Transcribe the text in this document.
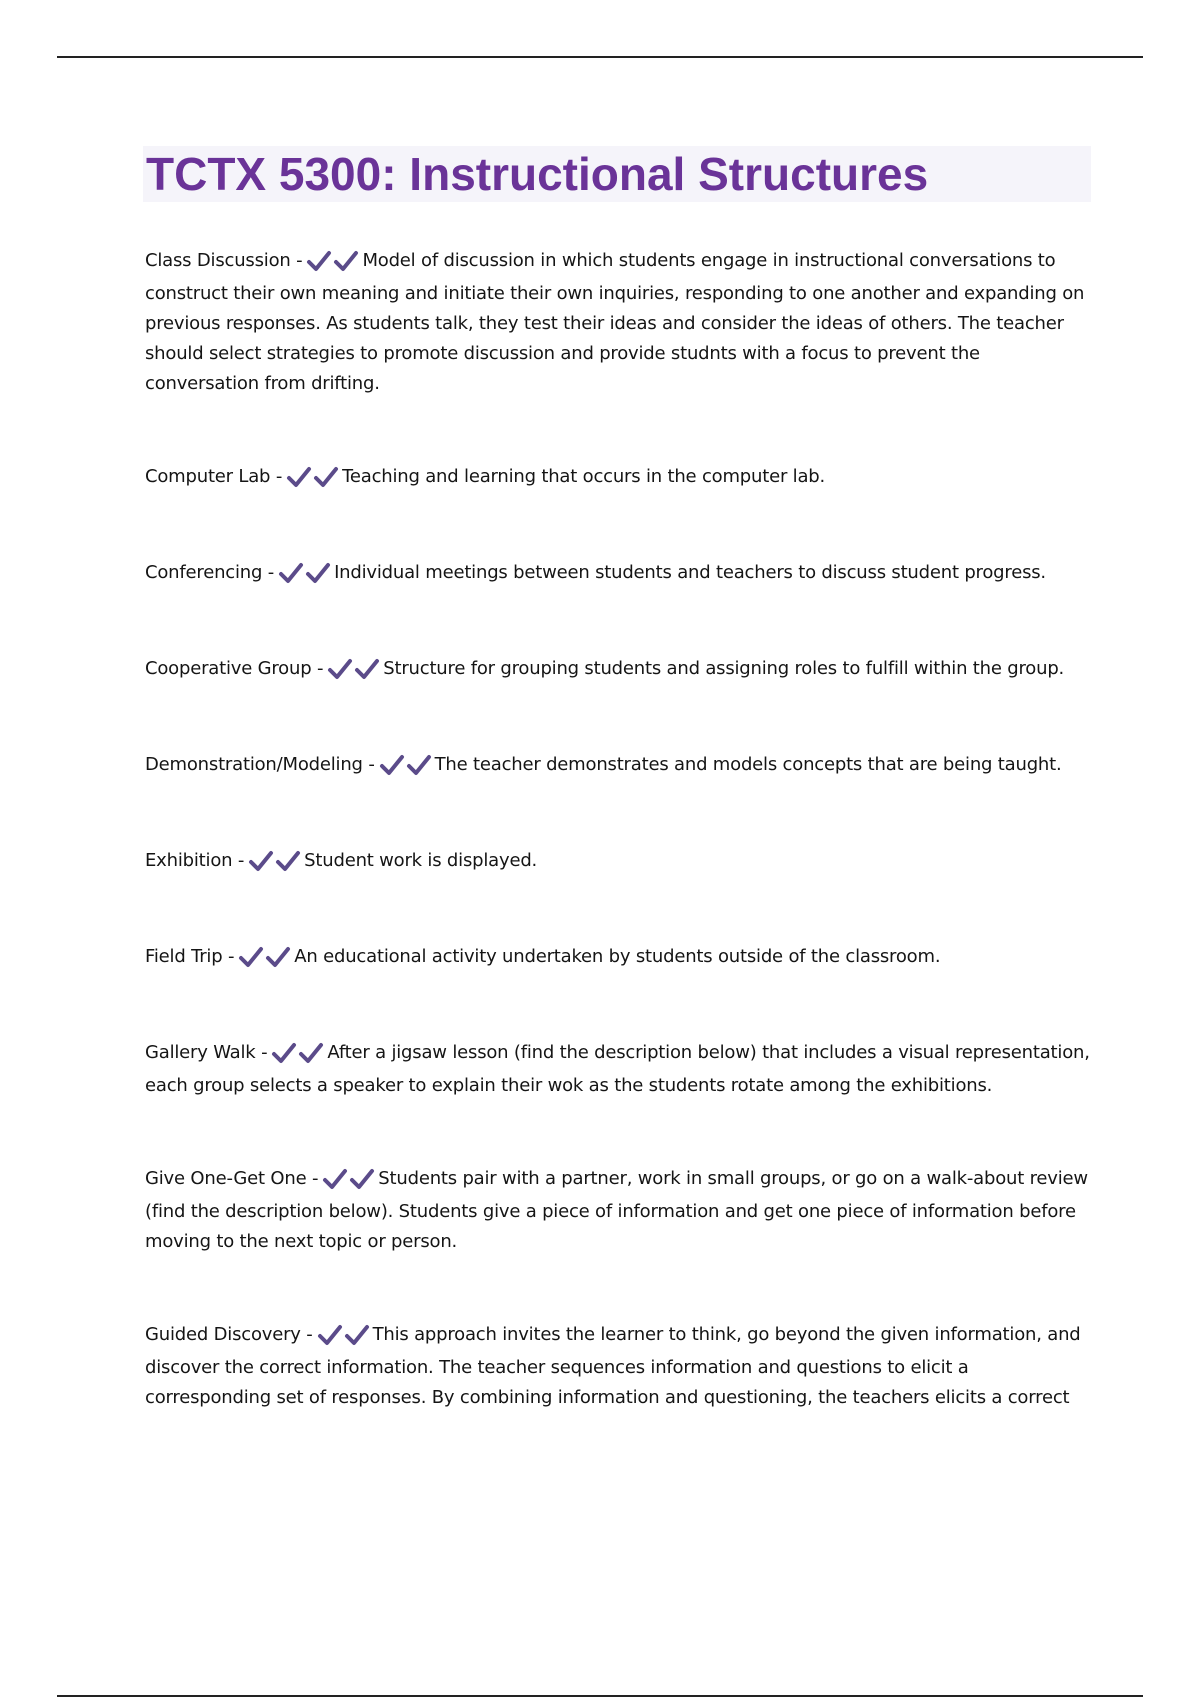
TCTX 5300: Instructional Structures

Class Discussion -	Model of discussion in which students engage in instructional conversations to construct their own meaning and initiate their own inquiries, responding to one another and expanding on previous responses. As students talk, they test their ideas and consider the ideas of others. The teacher should select strategies to promote discussion and provide studnts with a focus to prevent the conversation from drifting.

Computer Lab -	Teaching and learning that occurs in the computer lab.

Conferencing -	Individual meetings between students and teachers to discuss student progress.

Cooperative Group -	Structure for grouping students and assigning roles to fulfill within the group.

Demonstration/Modeling -	The teacher demonstrates and models concepts that are being taught.

Exhibition -	Student work is displayed.

Field Trip -	An educational activity undertaken by students outside of the classroom.

Gallery Walk -	After a jigsaw lesson (find the description below) that includes a visual representation, each group selects a speaker to explain their wok as the students rotate among the exhibitions.

Give One-Get One -	Students pair with a partner, work in small groups, or go on a walk-about review (find the description below). Students give a piece of information and get one piece of information before moving to the next topic or person.

Guided Discovery -	This approach invites the learner to think, go beyond the given information, and discover the correct information. The teacher sequences information and questions to elicit a corresponding set of responses. By combining information and questioning, the teachers elicits a correct
